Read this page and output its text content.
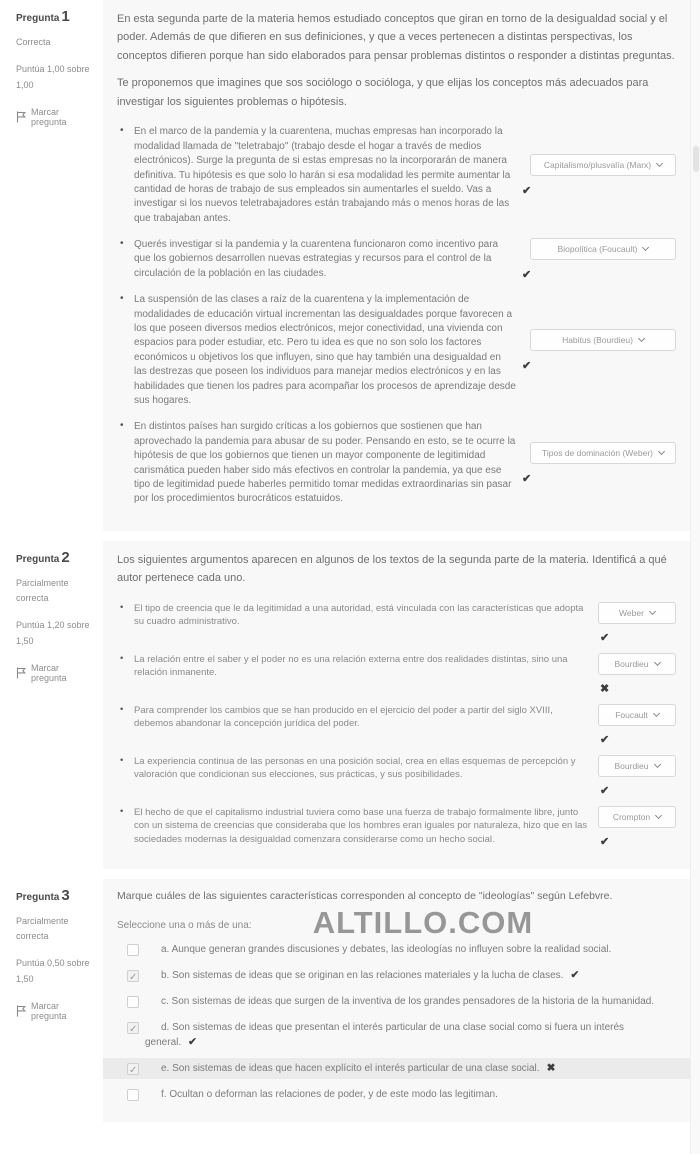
Pregunta 1
Correcta
Puntúa 1,00 sobre 1,00
Marcar pregunta

En esta segunda parte de la materia hemos estudiado conceptos que giran en torno de la desigualdad social y el poder. Además de que difieren en sus definiciones, y que a veces pertenecen a distintas perspectivas, los conceptos difieren porque han sido elaborados para pensar problemas distintos o responder a distintas preguntas.

Te proponemos que imagines que sos sociólogo o socióloga, y que elijas los conceptos más adecuados para investigar los siguientes problemas o hipótesis.

• En el marco de la pandemia y la cuarentena, muchas empresas han incorporado la modalidad llamada de "teletrabajo" (trabajo desde el hogar a través de medios electrónicos). Surge la pregunta de si estas empresas no la incorporarán de manera definitiva. Tu hipótesis es que solo lo harán si esa modalidad les permite aumentar la cantidad de horas de trabajo de sus empleados sin aumentarles el sueldo. Vas a investigar si los nuevos teletrabajadores están trabajando más o menos horas de las que trabajaban antes.
Capitalismo/plusvalía (Marx)
✔
• Querés investigar si la pandemia y la cuarentena funcionaron como incentivo para que los gobiernos desarrollen nuevas estrategias y recursos para el control de la circulación de la población en las ciudades.
Biopolítica (Foucault)
✔
• La suspensión de las clases a raíz de la cuarentena y la implementación de modalidades de educación virtual incrementan las desigualdades porque favorecen a los que poseen diversos medios electrónicos, mejor conectividad, una vivienda con espacios para poder estudiar, etc. Pero tu idea es que no son solo los factores económicos u objetivos los que influyen, sino que hay también una desigualdad en las destrezas que poseen los individuos para manejar medios electrónicos y en las habilidades que tienen los padres para acompañar los procesos de aprendizaje desde sus hogares.
Habitus (Bourdieu)
✔
• En distintos países han surgido críticas a los gobiernos que sostienen que han aprovechado la pandemia para abusar de su poder. Pensando en esto, se te ocurre la hipótesis de que los gobiernos que tienen un mayor componente de legitimidad carismática pueden haber sido más efectivos en controlar la pandemia, ya que ese tipo de legitimidad puede haberles permitido tomar medidas extraordinarias sin pasar por los procedimientos burocráticos estatuidos.
Tipos de dominación (Weber)
✔
Pregunta 2
Parcialmente correcta
Puntúa 1,20 sobre 1,50
Marcar pregunta

Los siguientes argumentos aparecen en algunos de los textos de la segunda parte de la materia. Identificá a qué autor pertenece cada uno.

• El tipo de creencia que le da legitimidad a una autoridad, está vinculada con las características que adopta su cuadro administrativo.
Weber
✔
• La relación entre el saber y el poder no es una relación externa entre dos realidades distintas, sino una relación inmanente.
Bourdieu
✖
• Para comprender los cambios que se han producido en el ejercicio del poder a partir del siglo XVIII, debemos abandonar la concepción jurídica del poder.
Foucault
✔
• La experiencia continua de las personas en una posición social, crea en ellas esquemas de percepción y valoración que condicionan sus elecciones, sus prácticas, y sus posibilidades.
Bourdieu
✔
• El hecho de que el capitalismo industrial tuviera como base una fuerza de trabajo formalmente libre, junto con un sistema de creencias que consideraba que los hombres eran iguales por naturaleza, hizo que en las sociedades modernas la desigualdad comenzara considerarse como un hecho social.
Crompton
✔
Pregunta 3
Parcialmente correcta
Puntúa 0,50 sobre 1,50
Marcar pregunta
ALTILLO.COM

Marque cuáles de las siguientes características corresponden al concepto de "ideologías" según Lefebvre.

Seleccione una o más de una:
a. Aunque generan grandes discusiones y debates, las ideologías no influyen sobre la realidad social.
✓
b. Son sistemas de ideas que se originan en las relaciones materiales y la lucha de clases. ✔
c. Son sistemas de ideas que surgen de la inventiva de los grandes pensadores de la historia de la humanidad.
✓
d. Son sistemas de ideas que presentan el interés particular de una clase social como si fuera un interés general. ✔
✓
e. Son sistemas de ideas que hacen explícito el interés particular de una clase social. ✖
f. Ocultan o deforman las relaciones de poder, y de este modo las legitiman.
